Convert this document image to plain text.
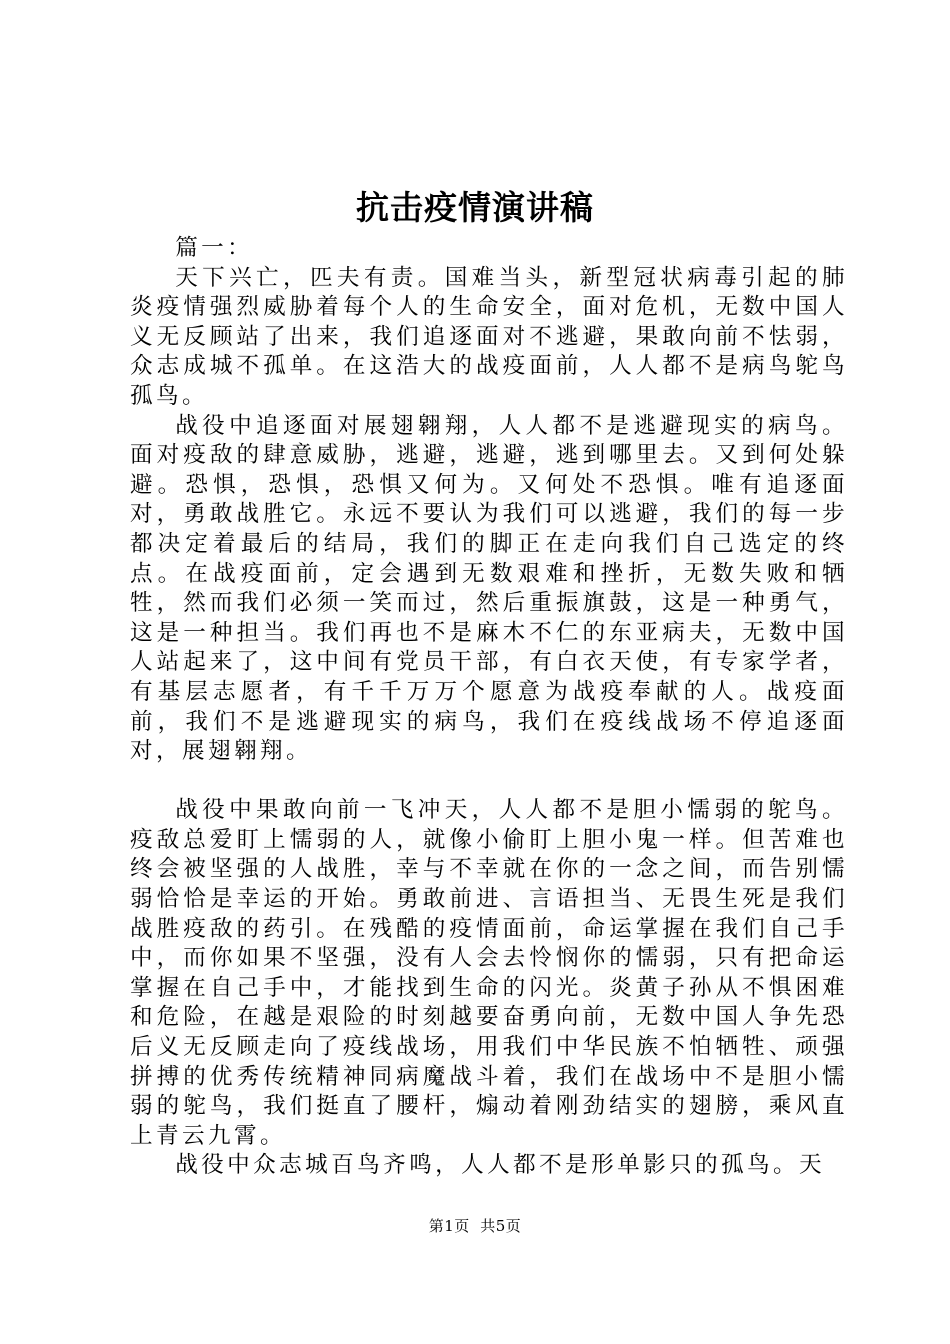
抗击疫情演讲稿

篇一：

天下兴亡，匹夫有责。国难当头，新型冠状病毒引起的肺炎疫情强烈威胁着每个人的生命安全，面对危机，无数中国人义无反顾站了出来，我们追逐面对不逃避，果敢向前不怯弱，众志成城不孤单。在这浩大的战疫面前，人人都不是病鸟鸵鸟孤鸟。

战役中追逐面对展翅翱翔，人人都不是逃避现实的病鸟。面对疫敌的肆意威胁，逃避，逃避，逃到哪里去。又到何处躲避。恐惧，恐惧，恐惧又何为。又何处不恐惧。唯有追逐面对，勇敢战胜它。永远不要认为我们可以逃避，我们的每一步都决定着最后的结局，我们的脚正在走向我们自己选定的终点。在战疫面前，定会遇到无数艰难和挫折，无数失败和牺牲，然而我们必须一笑而过，然后重振旗鼓，这是一种勇气，这是一种担当。我们再也不是麻木不仁的东亚病夫，无数中国人站起来了，这中间有党员干部，有白衣天使，有专家学者，有基层志愿者，有千千万万个愿意为战疫奉献的人。战疫面前，我们不是逃避现实的病鸟，我们在疫线战场不停追逐面对，展翅翱翔。

战役中果敢向前一飞冲天，人人都不是胆小懦弱的鸵鸟。疫敌总爱盯上懦弱的人，就像小偷盯上胆小鬼一样。但苦难也终会被坚强的人战胜，幸与不幸就在你的一念之间，而告别懦弱恰恰是幸运的开始。勇敢前进、言语担当、无畏生死是我们战胜疫敌的药引。在残酷的疫情面前，命运掌握在我们自己手中，而你如果不坚强，没有人会去怜悯你的懦弱，只有把命运掌握在自己手中，才能找到生命的闪光。炎黄子孙从不惧困难和危险，在越是艰险的时刻越要奋勇向前，无数中国人争先恐后义无反顾走向了疫线战场，用我们中华民族不怕牺牲、顽强拼搏的优秀传统精神同病魔战斗着，我们在战场中不是胆小懦弱的鸵鸟，我们挺直了腰杆，煽动着刚劲结实的翅膀，乘风直上青云九霄。

战役中众志城百鸟齐鸣，人人都不是形单影只的孤鸟。天

第1页  共5页
